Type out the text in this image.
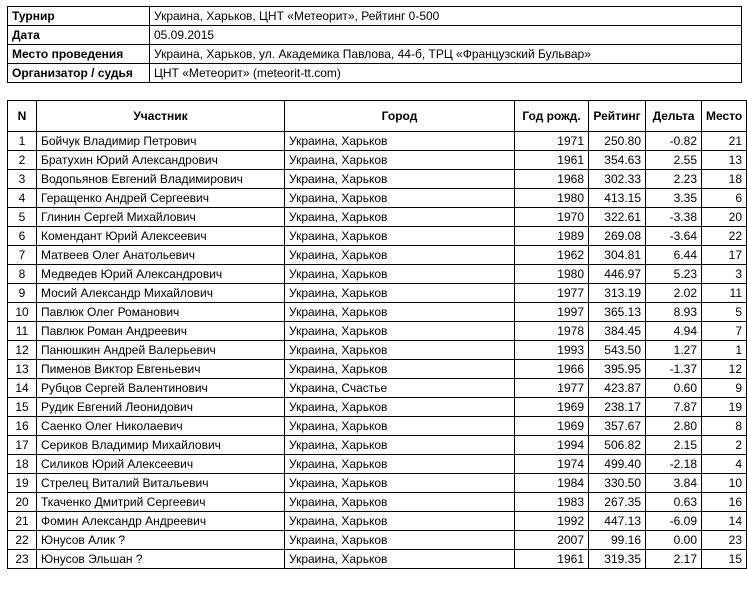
Турнир	Украина, Харьков, ЦНТ «Метеорит», Рейтинг 0-500
Дата	05.09.2015
Место проведения	Украина, Харьков, ул. Академика Павлова, 44-б, ТРЦ «Французский Бульвар»
Организатор / судья	ЦНТ «Метеорит» (meteorit-tt.com)
N	Участник	Город	Год рожд.	Рейтинг	Дельта	Место
1	Бойчук Владимир Петрович	Украина, Харьков	1971	250.80	-0.82	21
2	Братухин Юрий Александрович	Украина, Харьков	1961	354.63	2.55	13
3	Водопьянов Евгений Владимирович	Украина, Харьков	1968	302.33	2.23	18
4	Геращенко Андрей Сергеевич	Украина, Харьков	1980	413.15	3.35	6
5	Глинин Сергей Михайлович	Украина, Харьков	1970	322.61	-3.38	20
6	Комендант Юрий Алексеевич	Украина, Харьков	1989	269.08	-3.64	22
7	Матвеев Олег Анатольевич	Украина, Харьков	1962	304.81	6.44	17
8	Медведев Юрий Александрович	Украина, Харьков	1980	446.97	5.23	3
9	Мосий Александр Михайлович	Украина, Харьков	1977	313.19	2.02	11
10	Павлюк Олег Романович	Украина, Харьков	1997	365.13	8.93	5
11	Павлюк Роман Андреевич	Украина, Харьков	1978	384.45	4.94	7
12	Панюшкин Андрей Валерьевич	Украина, Харьков	1993	543.50	1.27	1
13	Пименов Виктор Евгеньевич	Украина, Харьков	1966	395.95	-1.37	12
14	Рубцов Сергей Валентинович	Украина, Счастье	1977	423.87	0.60	9
15	Рудик Евгений Леонидович	Украина, Харьков	1969	238.17	7.87	19
16	Саенко Олег Николаевич	Украина, Харьков	1969	357.67	2.80	8
17	Сериков Владимир Михайлович	Украина, Харьков	1994	506.82	2.15	2
18	Силиков Юрий Алексеевич	Украина, Харьков	1974	499.40	-2.18	4
19	Стрелец Виталий Витальевич	Украина, Харьков	1984	330.50	3.84	10
20	Ткаченко Дмитрий Сергеевич	Украина, Харьков	1983	267.35	0.63	16
21	Фомин Александр Андреевич	Украина, Харьков	1992	447.13	-6.09	14
22	Юнусов Алик ?	Украина, Харьков	2007	99.16	0.00	23
23	Юнусов Эльшан ?	Украина, Харьков	1961	319.35	2.17	15
